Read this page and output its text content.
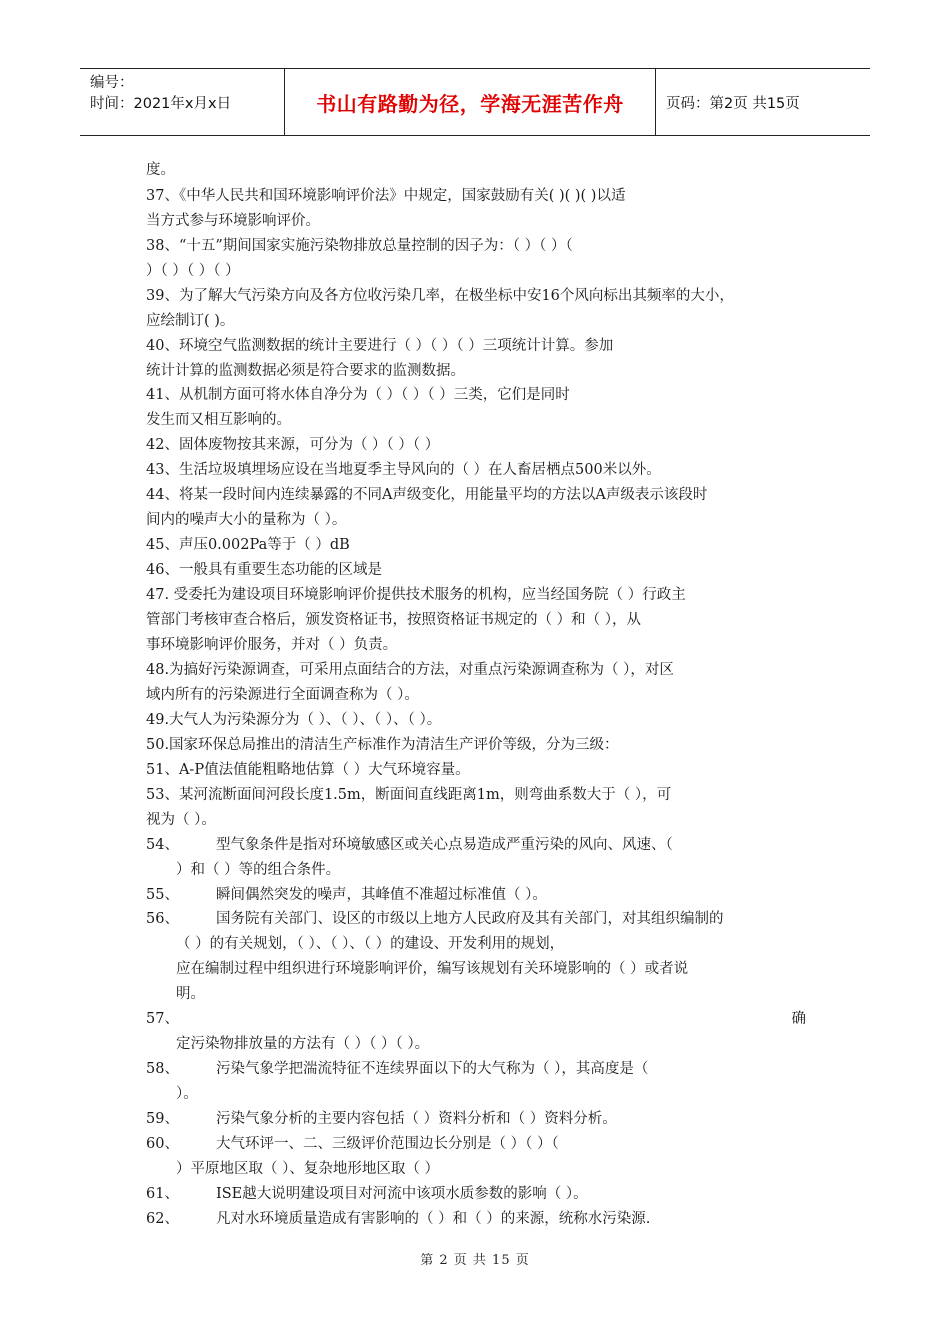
编号：
时间：2021年x月x日	书山有路勤为径，学海无涯苦作舟	页码：第2页 共15页
度。
37、《中华人民共和国环境影响评价法》中规定，国家鼓励有关( )( )( )以适
当方式参与环境影响评价。
38、“十五”期间国家实施污染物排放总量控制的因子为：（ ）（ ）（
）（ ）（ ）（ ）
39、为了解大气污染方向及各方位收污染几率，在极坐标中安16个风向标出其频率的大小，
应绘制订( )。
40、环境空气监测数据的统计主要进行（ ）（ ）（ ）三项统计计算。参加
统计计算的监测数据必须是符合要求的监测数据。
41、从机制方面可将水体自净分为（ ）（ ）（ ）三类，它们是同时
发生而又相互影响的。
42、固体废物按其来源，可分为（ ）（ ）（ ）
43、生活垃圾填埋场应设在当地夏季主导风向的（ ）在人畜居栖点500米以外。
44、将某一段时间内连续暴露的不同A声级变化，用能量平均的方法以A声级表示该段时
间内的噪声大小的量称为（ ）。
45、声压0.002Pa等于（ ）dB
46、一般具有重要生态功能的区域是
47. 受委托为建设项目环境影响评价提供技术服务的机构，应当经国务院（ ）行政主
管部门考核审查合格后，颁发资格证书，按照资格证书规定的（ ）和（ ），从
事环境影响评价服务，并对（ ）负责。
48.为搞好污染源调查，可采用点面结合的方法，对重点污染源调查称为（ ），对区
域内所有的污染源进行全面调查称为（ ）。
49.大气人为污染源分为（ ）、（ ）、（ ）、（ ）。
50.国家环保总局推出的清洁生产标准作为清洁生产评价等级，分为三级：
51、A-P值法值能粗略地估算（ ）大气环境容量。
53、某河流断面间河段长度1.5m，断面间直线距离1m，则弯曲系数大于（ ），可
视为（ ）。
54、	型气象条件是指对环境敏感区或关心点易造成严重污染的风向、风速、（
）和（ ）等的组合条件。
55、	瞬间偶然突发的噪声，其峰值不准超过标准值（ ）。
56、	国务院有关部门、设区的市级以上地方人民政府及其有关部门，对其组织编制的
（ ）的有关规划，（ ）、（ ）、（ ）的建设、开发利用的规划，
应在编制过程中组织进行环境影响评价，编写该规划有关环境影响的（ ）或者说
明。
57、	确
定污染物排放量的方法有（ ）（ ）（ ）。
58、	污染气象学把湍流特征不连续界面以下的大气称为（ ），其高度是（
）。
59、	污染气象分析的主要内容包括（ ）资料分析和（ ）资料分析。
60、	大气环评一、二、三级评价范围边长分别是（ ）（ ）（
）平原地区取（ ）、复杂地形地区取（ ）
61、	ISE越大说明建设项目对河流中该项水质参数的影响（ ）。
62、	凡对水环境质量造成有害影响的（ ）和（ ）的来源，统称水污染源.
第 2 页 共 15 页
